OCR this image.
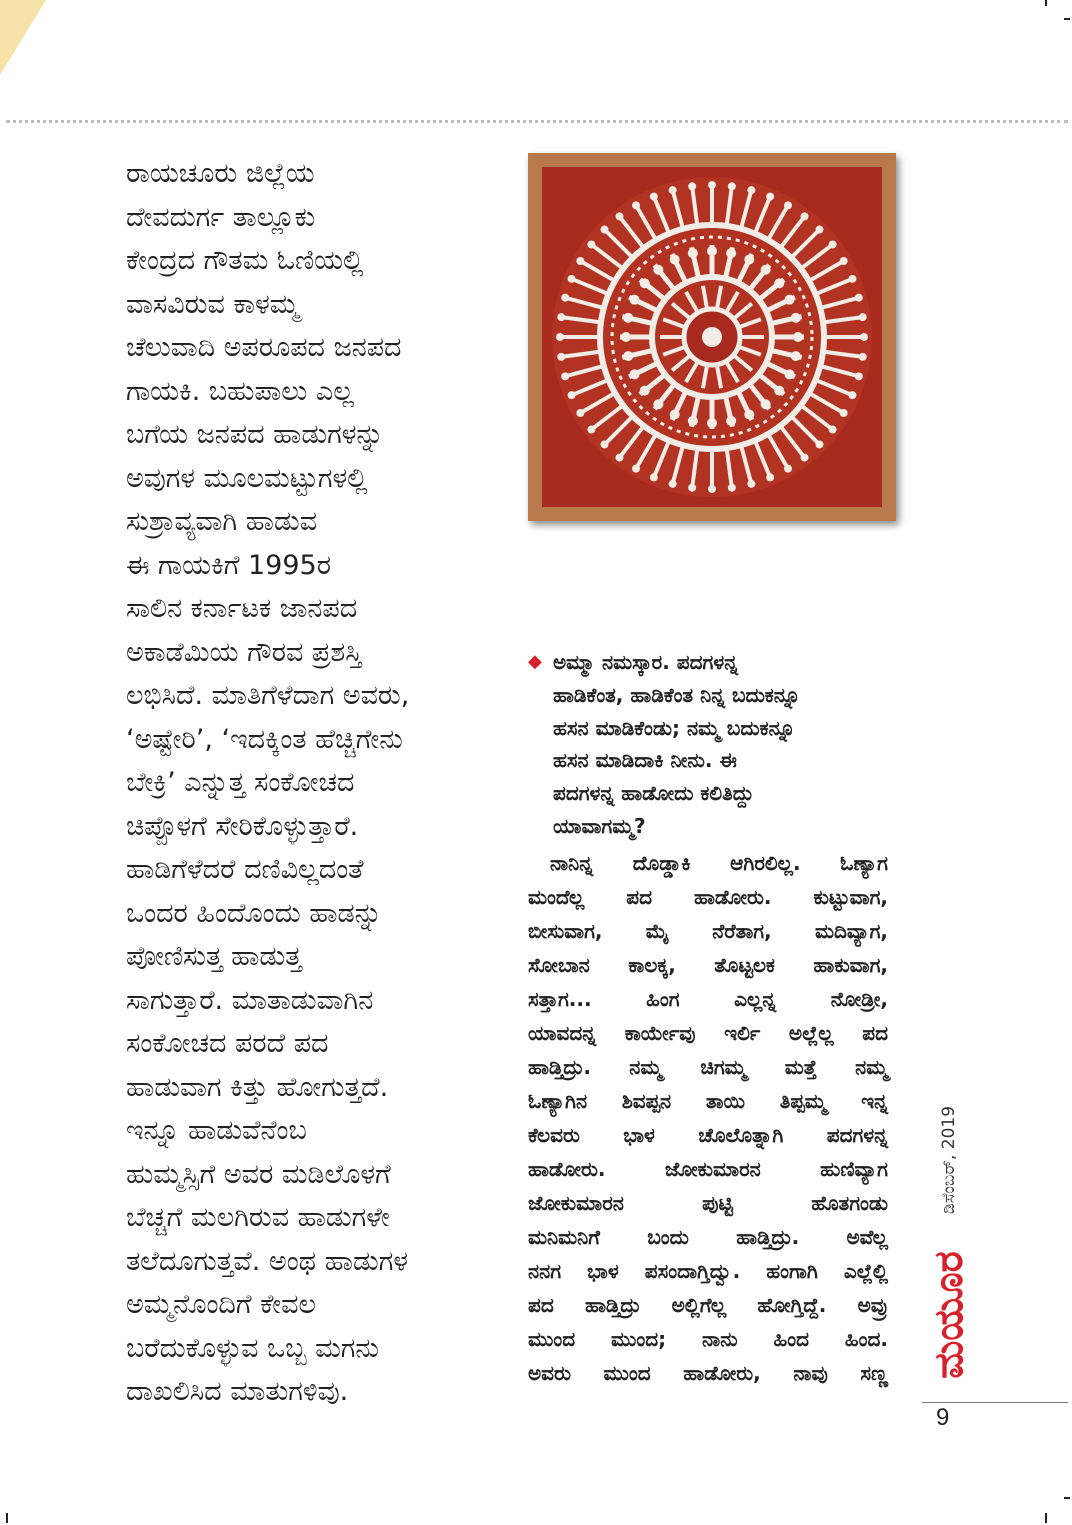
ರಾಯಚೂರು ಜಿಲ್ಲೆಯ
ದೇವದುರ್ಗ ತಾಲ್ಲೂಕು
ಕೇಂದ್ರದ ಗೌತಮ ಓಣಿಯಲ್ಲಿ
ವಾಸವಿರುವ ಕಾಳಮ್ಮ
ಚೆಲುವಾದಿ ಅಪರೂಪದ ಜನಪದ
ಗಾಯಕಿ. ಬಹುಪಾಲು ಎಲ್ಲ
ಬಗೆಯ ಜನಪದ ಹಾಡುಗಳನ್ನು
ಅವುಗಳ ಮೂಲಮಟ್ಟುಗಳಲ್ಲಿ
ಸುಶ್ರಾವ್ಯವಾಗಿ ಹಾಡುವ
ಈ ಗಾಯಕಿಗೆ 1995ರ
ಸಾಲಿನ ಕರ್ನಾಟಕ ಜಾನಪದ
ಅಕಾಡೆಮಿಯ ಗೌರವ ಪ್ರಶಸ್ತಿ
ಲಭಿಸಿದೆ. ಮಾತಿಗೆಳೆದಾಗ ಅವರು,
‘ಅಷ್ಟೇರಿ’, ‘ಇದಕ್ಕಿಂತ ಹೆಚ್ಚಿಗೇನು
ಬೇಕ್ರಿ’ ಎನ್ನುತ್ತ ಸಂಕೋಚದ
ಚಿಪ್ಪೊಳಗೆ ಸೇರಿಕೊಳ್ಳುತ್ತಾರೆ.
ಹಾಡಿಗೆಳೆದರೆ ದಣಿವಿಲ್ಲದಂತೆ
ಒಂದರ ಹಿಂದೊಂದು ಹಾಡನ್ನು
ಪೋಣಿಸುತ್ತ ಹಾಡುತ್ತ
ಸಾಗುತ್ತಾರೆ. ಮಾತಾಡುವಾಗಿನ
ಸಂಕೋಚದ ಪರದೆ ಪದ
ಹಾಡುವಾಗ ಕಿತ್ತು ಹೋಗುತ್ತದೆ.
ಇನ್ನೂ ಹಾಡುವೆನೆಂಬ
ಹುಮ್ಮಸ್ಸಿಗೆ ಅವರ ಮಡಿಲೊಳಗೆ
ಬೆಚ್ಚಗೆ ಮಲಗಿರುವ ಹಾಡುಗಳೇ
ತಲೆದೂಗುತ್ತವೆ. ಅಂಥ ಹಾಡುಗಳ
ಅಮ್ಮನೊಂದಿಗೆ ಕೇವಲ
ಬರೆದುಕೊಳ್ಳುವ ಒಬ್ಬ ಮಗನು
ದಾಖಲಿಸಿದ ಮಾತುಗಳಿವು.

◆ ಅಮ್ಮಾ ನಮಸ್ಕಾರ. ಪದಗಳನ್ನ
ಹಾಡಿಕೆಂತ, ಹಾಡಿಕೆಂತ ನಿನ್ನ ಬದುಕನ್ನೂ
ಹಸನ ಮಾಡಿಕೆಂಡು; ನಮ್ಮ ಬದುಕನ್ನೂ
ಹಸನ ಮಾಡಿದಾಕಿ ನೀನು. ಈ
ಪದಗಳನ್ನ ಹಾಡೋದು ಕಲಿತಿದ್ದು
ಯಾವಾಗಮ್ಮ?
ನಾನಿನ್ನ ದೊಡ್ಡಾಕಿ ಆಗಿರಲಿಲ್ಲ. ಓಣ್ಯಾಗ
ಮಂದೆಲ್ಲ ಪದ ಹಾಡೋರು. ಕುಟ್ಟುವಾಗ,
ಬೀಸುವಾಗ, ಮೈ ನೆರೆತಾಗ, ಮದಿವ್ಯಾಗ,
ಸೋಬಾನ ಕಾಲಕ್ಕ, ತೊಟ್ಟಲಕ ಹಾಕುವಾಗ,
ಸತ್ತಾಗ... ಹಿಂಗ ಎಲ್ಲನ್ನ ನೋಡ್ರೀ,
ಯಾವದನ್ನ ಕಾರ್ಯೇವು ಇರ್ಲಿ ಅಲ್ಲೆಲ್ಲ ಪದ
ಹಾಡ್ತಿದ್ರು. ನಮ್ಮ ಚಿಗಮ್ಮ ಮತ್ತೆ ನಮ್ಮ
ಓಣ್ಯಾಗಿನ ಶಿವಪ್ಪನ ತಾಯಿ ತಿಪ್ಪಮ್ಮ ಇನ್ನ
ಕೆಲವರು ಭಾಳ ಚೊಲೊತ್ನಾಗಿ ಪದಗಳನ್ನ
ಹಾಡೋರು. ಜೋಕುಮಾರನ ಹುಣಿವ್ಯಾಗ
ಜೋಕುಮಾರನ ಪುಟ್ಟಿ ಹೊತಗಂಡು
ಮನಿಮನಿಗೆ ಬಂದು ಹಾಡ್ತಿದ್ರು. ಅವೆಲ್ಲ
ನನಗ ಭಾಳ ಪಸಂದಾಗ್ತಿದ್ವು. ಹಂಗಾಗಿ ಎಲ್ಲೆಲ್ಲಿ
ಪದ ಹಾಡ್ತಿದ್ರು ಅಲ್ಲಿಗೆಲ್ಲ ಹೋಗ್ತಿದ್ದೆ. ಅವ್ರು
ಮುಂದ ಮುಂದ; ನಾನು ಹಿಂದ ಹಿಂದ.
ಅವರು ಮುಂದ ಹಾಡೋರು, ನಾವು ಸಣ್ಣ
ಡಿಸೆಂಬರ್, 2019
ಮಯೂರ
9
